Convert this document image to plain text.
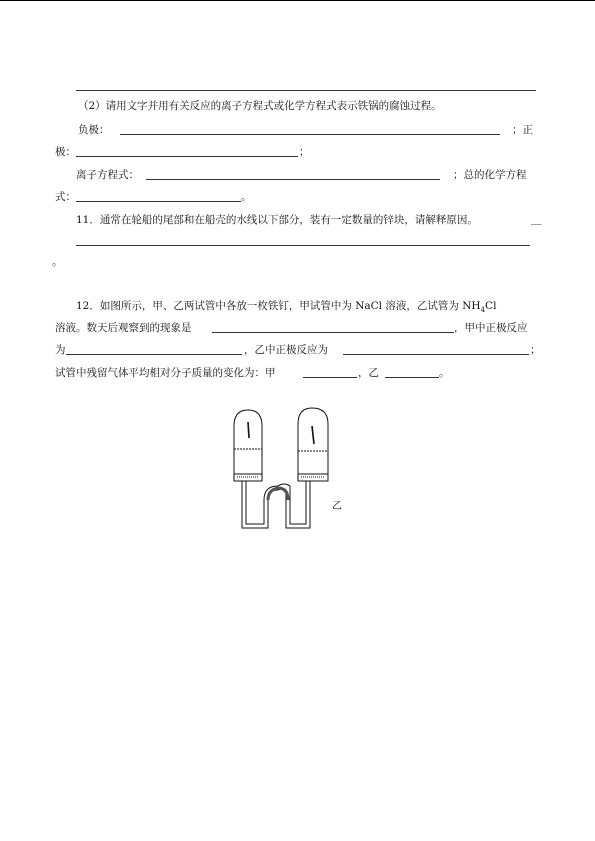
（2）请用文字并用有关反应的离子方程式或化学方程式表示铁锅的腐蚀过程。
负极：	；正
极：	；
离子方程式：	；总的化学方程
式：	。
11．通常在轮船的尾部和在船壳的水线以下部分，装有一定数量的锌块，请解释原因。	＿
。
12．如图所示，甲、乙两试管中各放一枚铁钉，甲试管中为 NaCl 溶液，乙试管为 $NH_4Cl$
溶液。数天后观察到的现象是	，甲中正极反应
为	，乙中正极反应为	；
试管中残留气体平均相对分子质量的变化为：甲	，乙	。
乙
